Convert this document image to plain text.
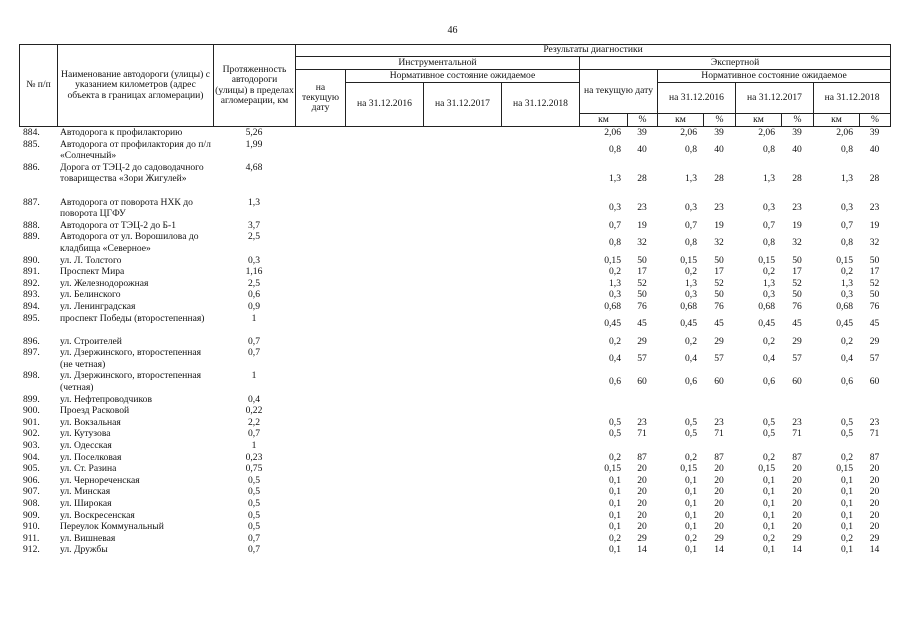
46
№ п/п	Наименование автодороги (улицы) с указанием километров (адрес объекта в границах агломерации)	Протяженность автодороги (улицы) в пределах агломерации, км	Результаты диагностики											
			Инструментальной				Экспертной							
			на текущую дату	Нормативное состояние ожидаемое			на текущую дату		Нормативное состояние ожидаемое					
				на 31.12.2016	на 31.12.2017	на 31.12.2018			на 31.12.2016		на 31.12.2017		на 31.12.2018	
							км	%	км	%	км	%	км	%
884.	Автодорога к профилакторию	5,26					2,06	39	2,06	39	2,06	39	2,06	39
885.	Автодорога от профилактория до п/л «Солнечный»	1,99					0,8	40	0,8	40	0,8	40	0,8	40
886.	Дорога от ТЭЦ-2 до садоводачного товарищества «Зори Жигулей»	4,68					1,3	28	1,3	28	1,3	28	1,3	28
887.	Автодорога от поворота НХК до поворота ЦГФУ	1,3					0,3	23	0,3	23	0,3	23	0,3	23
888.	Автодорога от ТЭЦ-2 до Б-1	3,7					0,7	19	0,7	19	0,7	19	0,7	19
889.	Автодорога от ул. Ворошилова до кладбища «Северное»	2,5					0,8	32	0,8	32	0,8	32	0,8	32
890.	ул. Л. Толстого	0,3					0,15	50	0,15	50	0,15	50	0,15	50
891.	Проспект Мира	1,16					0,2	17	0,2	17	0,2	17	0,2	17
892.	ул. Железнодорожная	2,5					1,3	52	1,3	52	1,3	52	1,3	52
893.	ул. Белинского	0,6					0,3	50	0,3	50	0,3	50	0,3	50
894.	ул. Ленинградская	0,9					0,68	76	0,68	76	0,68	76	0,68	76
895.	проспект Победы (второстепенная)	1					0,45	45	0,45	45	0,45	45	0,45	45
896.	ул. Строителей	0,7					0,2	29	0,2	29	0,2	29	0,2	29
897.	ул. Дзержинского, второстепенная (не четная)	0,7					0,4	57	0,4	57	0,4	57	0,4	57
898.	ул. Дзержинского, второстепенная (четная)	1					0,6	60	0,6	60	0,6	60	0,6	60
899.	ул. Нефтепроводчиков	0,4												
900.	Проезд Расковой	0,22												
901.	ул. Вокзальная	2,2					0,5	23	0,5	23	0,5	23	0,5	23
902.	ул. Кутузова	0,7					0,5	71	0,5	71	0,5	71	0,5	71
903.	ул. Одесская	1												
904.	ул. Поселковая	0,23					0,2	87	0,2	87	0,2	87	0,2	87
905.	ул. Ст. Разина	0,75					0,15	20	0,15	20	0,15	20	0,15	20
906.	ул. Чернореченская	0,5					0,1	20	0,1	20	0,1	20	0,1	20
907.	ул. Минская	0,5					0,1	20	0,1	20	0,1	20	0,1	20
908.	ул. Широкая	0,5					0,1	20	0,1	20	0,1	20	0,1	20
909.	ул. Воскресенская	0,5					0,1	20	0,1	20	0,1	20	0,1	20
910.	Переулок Коммунальный	0,5					0,1	20	0,1	20	0,1	20	0,1	20
911.	ул. Вишневая	0,7					0,2	29	0,2	29	0,2	29	0,2	29
912.	ул. Дружбы	0,7					0,1	14	0,1	14	0,1	14	0,1	14
